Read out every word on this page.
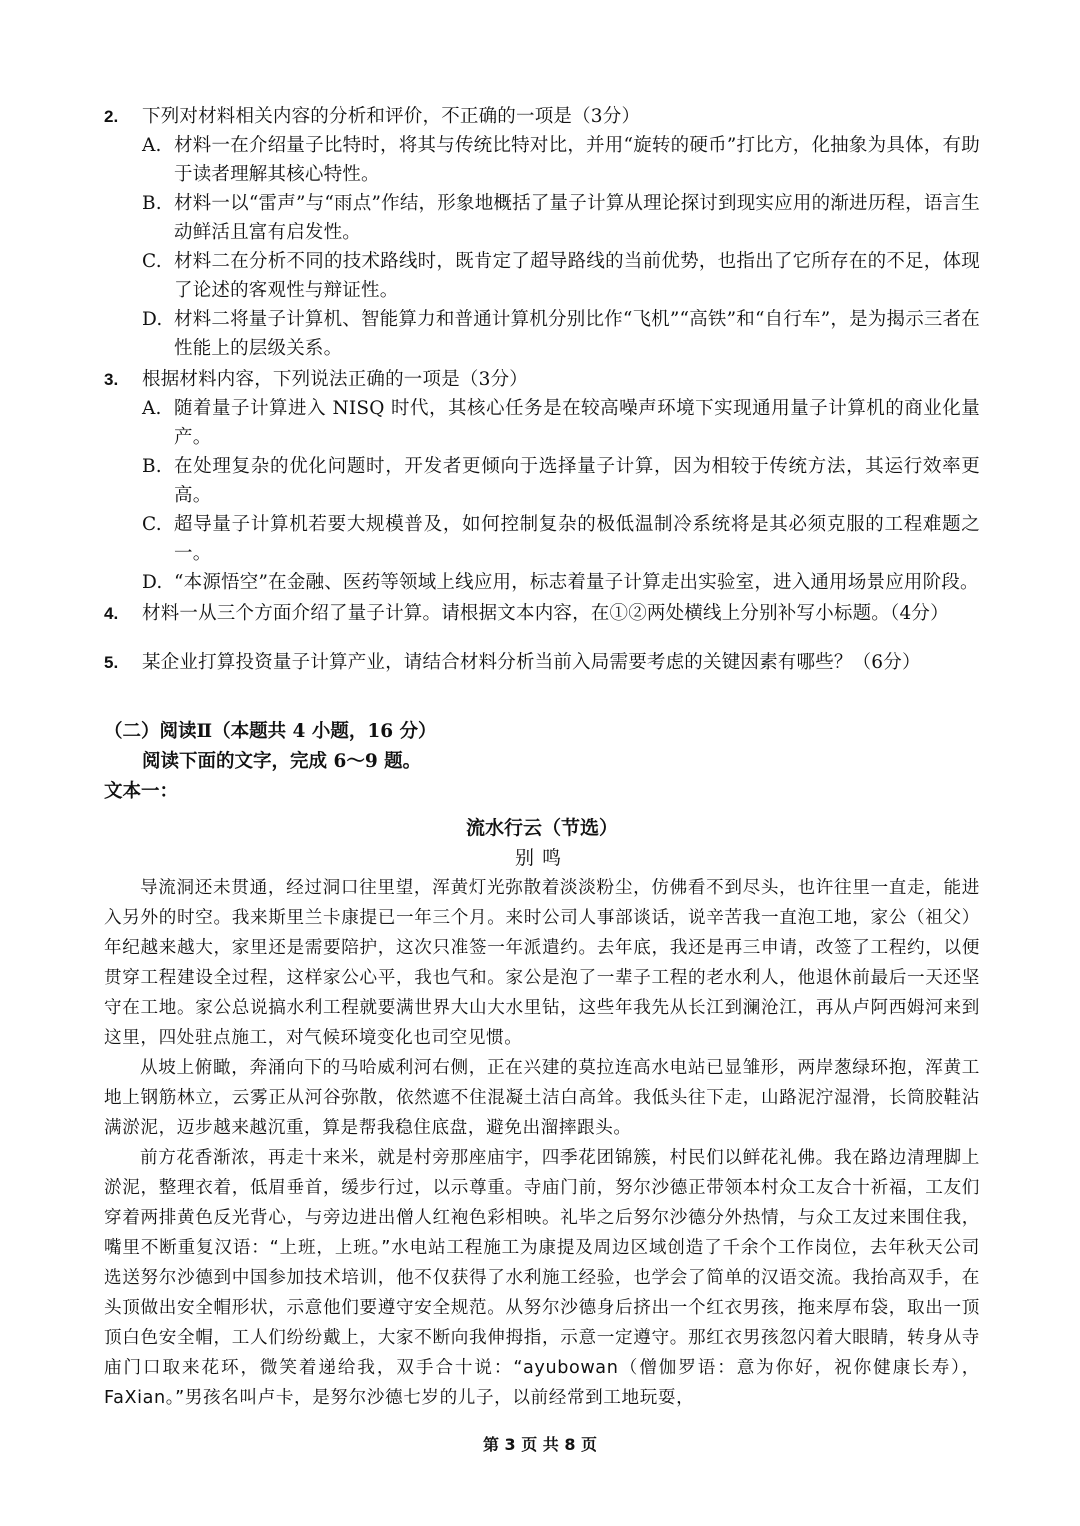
2.	下列对材料相关内容的分析和评价，不正确的一项是（3分）
A. 材料一在介绍量子比特时，将其与传统比特对比，并用“旋转的硬币”打比方，化抽象为具体，有助于读者理解其核心特性。
B. 材料一以“雷声”与“雨点”作结，形象地概括了量子计算从理论探讨到现实应用的渐进历程，语言生动鲜活且富有启发性。
C. 材料二在分析不同的技术路线时，既肯定了超导路线的当前优势，也指出了它所存在的不足，体现了论述的客观性与辩证性。
D. 材料二将量子计算机、智能算力和普通计算机分别比作“飞机”“高铁”和“自行车”，是为揭示三者在性能上的层级关系。
3.	根据材料内容，下列说法正确的一项是（3分）
A. 随着量子计算进入 NISQ 时代，其核心任务是在较高噪声环境下实现通用量子计算机的商业化量产。
B. 在处理复杂的优化问题时，开发者更倾向于选择量子计算，因为相较于传统方法，其运行效率更高。
C. 超导量子计算机若要大规模普及，如何控制复杂的极低温制冷系统将是其必须克服的工程难题之一。
D. “本源悟空”在金融、医药等领域上线应用，标志着量子计算走出实验室，进入通用场景应用阶段。
4.	材料一从三个方面介绍了量子计算。请根据文本内容，在①②两处横线上分别补写小标题。（4分）
5.	某企业打算投资量子计算产业，请结合材料分析当前入局需要考虑的关键因素有哪些？（6分）
（二）阅读Ⅱ（本题共 4 小题，16 分）
阅读下面的文字，完成 6～9 题。
文本一：
流水行云（节选）
别鸣

导流洞还未贯通，经过洞口往里望，浑黄灯光弥散着淡淡粉尘，仿佛看不到尽头，也许往里一直走，能进入另外的时空。我来斯里兰卡康提已一年三个月。来时公司人事部谈话，说辛苦我一直泡工地，家公（祖父）年纪越来越大，家里还是需要陪护，这次只准签一年派遣约。去年底，我还是再三申请，改签了工程约，以便贯穿工程建设全过程，这样家公心平，我也气和。家公是泡了一辈子工程的老水利人，他退休前最后一天还坚守在工地。家公总说搞水利工程就要满世界大山大水里钻，这些年我先从长江到澜沧江，再从卢阿西姆河来到这里，四处驻点施工，对气候环境变化也司空见惯。

从坡上俯瞰，奔涌向下的马哈威利河右侧，正在兴建的莫拉连高水电站已显雏形，两岸葱绿环抱，浑黄工地上钢筋林立，云雾正从河谷弥散，依然遮不住混凝土洁白高耸。我低头往下走，山路泥泞湿滑，长筒胶鞋沾满淤泥，迈步越来越沉重，算是帮我稳住底盘，避免出溜摔跟头。

前方花香渐浓，再走十来米，就是村旁那座庙宇，四季花团锦簇，村民们以鲜花礼佛。我在路边清理脚上淤泥，整理衣着，低眉垂首，缓步行过，以示尊重。寺庙门前，努尔沙德正带领本村众工友合十祈福，工友们穿着两排黄色反光背心，与旁边进出僧人红袍色彩相映。礼毕之后努尔沙德分外热情，与众工友过来围住我，嘴里不断重复汉语：“上班，上班。”水电站工程施工为康提及周边区域创造了千余个工作岗位，去年秋天公司选送努尔沙德到中国参加技术培训，他不仅获得了水利施工经验，也学会了简单的汉语交流。我抬高双手，在头顶做出安全帽形状，示意他们要遵守安全规范。从努尔沙德身后挤出一个红衣男孩，拖来厚布袋，取出一顶顶白色安全帽，工人们纷纷戴上，大家不断向我伸拇指，示意一定遵守。那红衣男孩忽闪着大眼睛，转身从寺庙门口取来花环，微笑着递给我，双手合十说：“ayubowan（僧伽罗语：意为你好，祝你健康长寿），FaXian。”男孩名叫卢卡，是努尔沙德七岁的儿子，以前经常到工地玩耍，

第 3 页 共 8 页
